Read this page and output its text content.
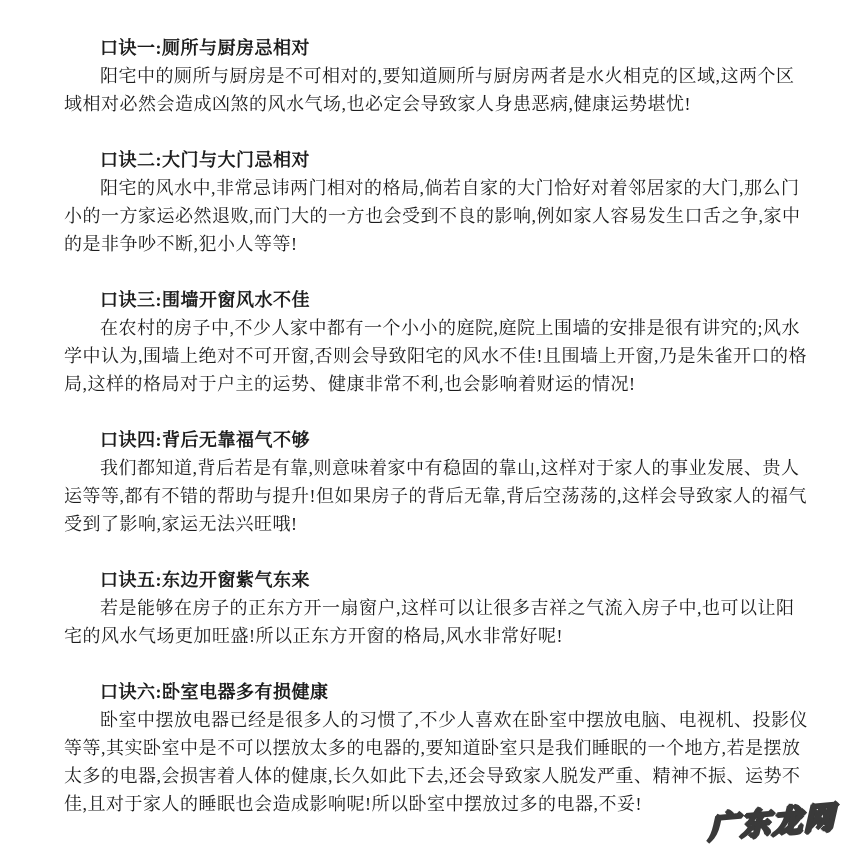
口诀一:厕所与厨房忌相对

阳宅中的厕所与厨房是不可相对的,要知道厕所与厨房两者是水火相克的区域,这两个区域相对必然会造成凶煞的风水气场,也必定会导致家人身患恶病,健康运势堪忧!

口诀二:大门与大门忌相对

阳宅的风水中,非常忌讳两门相对的格局,倘若自家的大门恰好对着邻居家的大门,那么门小的一方家运必然退败,而门大的一方也会受到不良的影响,例如家人容易发生口舌之争,家中的是非争吵不断,犯小人等等!

口诀三:围墙开窗风水不佳

在农村的房子中,不少人家中都有一个小小的庭院,庭院上围墙的安排是很有讲究的;风水学中认为,围墙上绝对不可开窗,否则会导致阳宅的风水不佳!且围墙上开窗,乃是朱雀开口的格局,这样的格局对于户主的运势、健康非常不利,也会影响着财运的情况!

口诀四:背后无靠福气不够

我们都知道,背后若是有靠,则意味着家中有稳固的靠山,这样对于家人的事业发展、贵人运等等,都有不错的帮助与提升!但如果房子的背后无靠,背后空荡荡的,这样会导致家人的福气受到了影响,家运无法兴旺哦!

口诀五:东边开窗紫气东来

若是能够在房子的正东方开一扇窗户,这样可以让很多吉祥之气流入房子中,也可以让阳宅的风水气场更加旺盛!所以正东方开窗的格局,风水非常好呢!

口诀六:卧室电器多有损健康

卧室中摆放电器已经是很多人的习惯了,不少人喜欢在卧室中摆放电脑、电视机、投影仪等等,其实卧室中是不可以摆放太多的电器的,要知道卧室只是我们睡眠的一个地方,若是摆放太多的电器,会损害着人体的健康,长久如此下去,还会导致家人脱发严重、精神不振、运势不佳,且对于家人的睡眠也会造成影响呢!所以卧室中摆放过多的电器,不妥!	广东龙网
